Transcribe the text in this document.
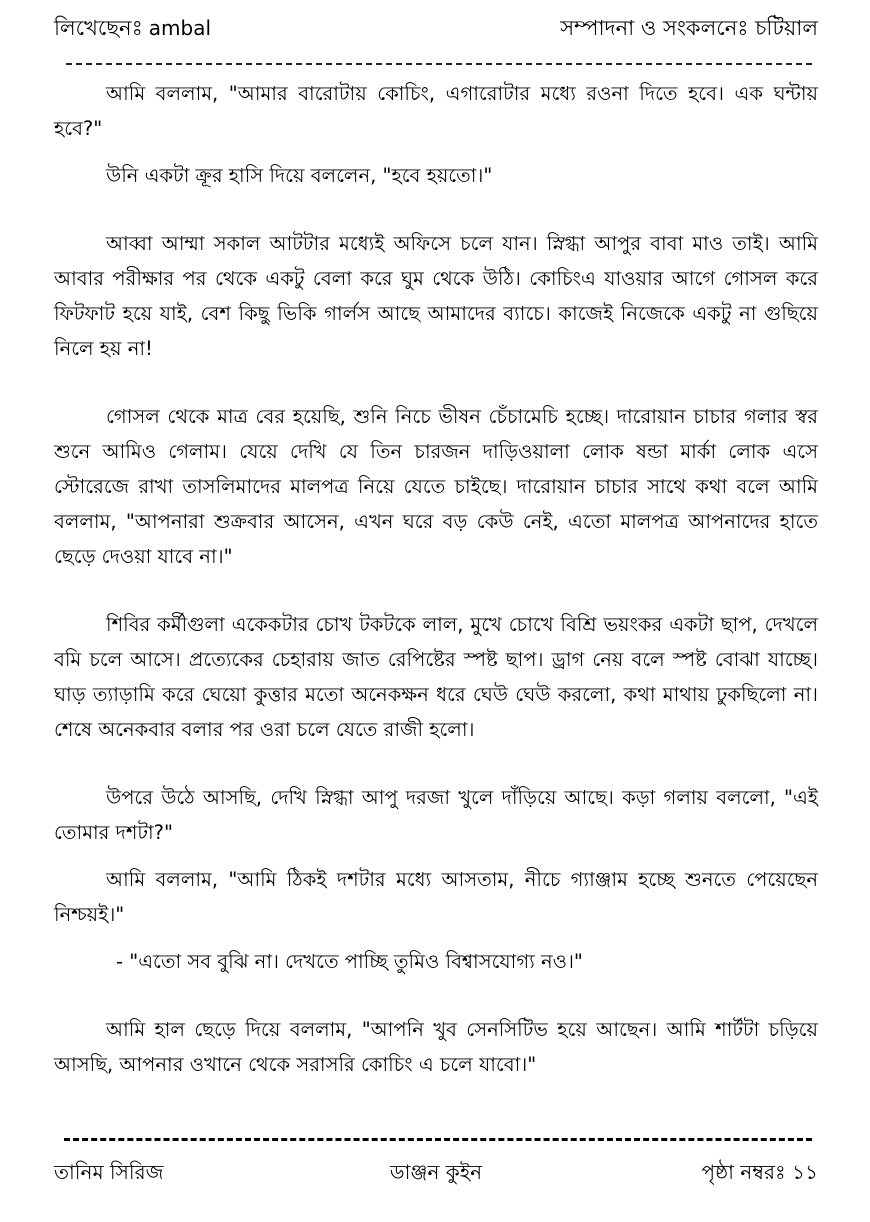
লিখেছেনঃ ambal	সম্পাদনা ও সংকলনেঃ চটিয়াল

আমি বললাম, "আমার বারোটায় কোচিং, এগারোটার মধ্যে রওনা দিতে হবে। এক ঘন্টায় হবে?"

উনি একটা ক্রূর হাসি দিয়ে বললেন, "হবে হয়তো।"

আব্বা আম্মা সকাল আটটার মধ্যেই অফিসে চলে যান। স্নিগ্ধা আপুর বাবা মাও তাই। আমি আবার পরীক্ষার পর থেকে একটু বেলা করে ঘুম থেকে উঠি। কোচিংএ যাওয়ার আগে গোসল করে ফিটফাট হয়ে যাই, বেশ কিছু ভিকি গার্লস আছে আমাদের ব্যাচে। কাজেই নিজেকে একটু না গুছিয়ে নিলে হয় না!

গোসল থেকে মাত্র বের হয়েছি, শুনি নিচে ভীষন চেঁচামেচি হচ্ছে। দারোয়ান চাচার গলার স্বর শুনে আমিও গেলাম। যেয়ে দেখি যে তিন চারজন দাড়িওয়ালা লোক ষন্ডা মার্কা লোক এসে স্টোরেজে রাখা তাসলিমাদের মালপত্র নিয়ে যেতে চাইছে। দারোয়ান চাচার সাথে কথা বলে আমি বললাম, "আপনারা শুক্রবার আসেন, এখন ঘরে বড় কেউ নেই, এতো মালপত্র আপনাদের হাতে ছেড়ে দেওয়া যাবে না।"

শিবির কর্মীগুলা একেকটার চোখ টকটকে লাল, মুখে চোখে বিশ্রি ভয়ংকর একটা ছাপ, দেখলে বমি চলে আসে। প্রত্যেকের চেহারায় জাত রেপিষ্টের স্পষ্ট ছাপ। ড্রাগ নেয় বলে স্পষ্ট বোঝা যাচ্ছে। ঘাড় ত্যাড়ামি করে ঘেয়ো কুত্তার মতো অনেকক্ষন ধরে ঘেউ ঘেউ করলো, কথা মাথায় ঢুকছিলো না। শেষে অনেকবার বলার পর ওরা চলে যেতে রাজী হলো।

উপরে উঠে আসছি, দেখি স্নিগ্ধা আপু দরজা খুলে দাঁড়িয়ে আছে। কড়া গলায় বললো, "এই তোমার দশটা?"

আমি বললাম, "আমি ঠিকই দশটার মধ্যে আসতাম, নীচে গ্যাঞ্জাম হচ্ছে শুনতে পেয়েছেন নিশ্চয়ই।"

- "এতো সব বুঝি না। দেখতে পাচ্ছি তুমিও বিশ্বাসযোগ্য নও।"

আমি হাল ছেড়ে দিয়ে বললাম, "আপনি খুব সেনসিটিভ হয়ে আছেন। আমি শার্টটা চড়িয়ে আসছি, আপনার ওখানে থেকে সরাসরি কোচিং এ চলে যাবো।"

তানিম সিরিজ	ডাঞ্জন কুইন	পৃষ্ঠা নম্বরঃ ১১
